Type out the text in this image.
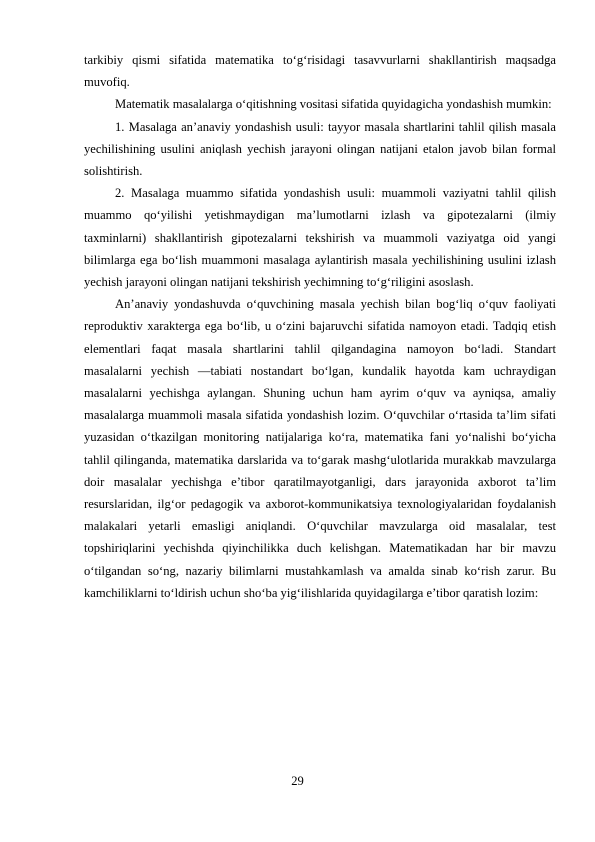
tarkibiy qismi sifatida matematika to‘g‘risidagi tasavvurlarni shakllantirish maqsadga muvofiq.

Matematik masalalarga o‘qitishning vositasi sifatida quyidagicha yondashish mumkin:

1. Masalaga an’anaviy yondashish usuli: tayyor masala shartlarini tahlil qilish masala yechilishining usulini aniqlash yechish jarayoni olingan natijani etalon javob bilan formal solishtirish.

2. Masalaga muammo sifatida yondashish usuli: muammoli vaziyatni tahlil qilish muammo qo‘yilishi yetishmaydigan ma’lumotlarni izlash va gipotezalarni (ilmiy taxminlarni) shakllantirish gipotezalarni tekshirish va muammoli vaziyatga oid yangi bilimlarga ega bo‘lish muammoni masalaga aylantirish masala yechilishining usulini izlash yechish jarayoni olingan natijani tekshirish yechimning to‘g‘riligini asoslash.

An’anaviy yondashuvda o‘quvchining masala yechish bilan bog‘liq o‘quv faoliyati reproduktiv xarakterga ega bo‘lib, u o‘zini bajaruvchi sifatida namoyon etadi. Tadqiq etish elementlari faqat masala shartlarini tahlil qilgandagina namoyon bo‘ladi. Standart masalalarni yechish —tabiati nostandart bo‘lgan, kundalik hayotda kam uchraydigan masalalarni yechishga aylangan. Shuning uchun ham ayrim o‘quv va ayniqsa, amaliy masalalarga muammoli masala sifatida yondashish lozim. O‘quvchilar o‘rtasida ta’lim sifati yuzasidan o‘tkazilgan monitoring natijalariga ko‘ra, matematika fani yo‘nalishi bo‘yicha tahlil qilinganda, matematika darslarida va to‘garak mashg‘ulotlarida murakkab mavzularga doir masalalar yechishga e’tibor qaratilmayotganligi, dars jarayonida axborot ta’lim resurslaridan, ilg‘or pedagogik va axborot-kommunikatsiya texnologiyalaridan foydalanish malakalari yetarli emasligi aniqlandi. O‘quvchilar mavzularga oid masalalar, test topshiriqlarini yechishda qiyinchilikka duch kelishgan. Matematikadan har bir mavzu o‘tilgandan so‘ng, nazariy bilimlarni mustahkamlash va amalda sinab ko‘rish zarur. Bu kamchiliklarni to‘ldirish uchun sho‘ba yig‘ilishlarida quyidagilarga e’tibor qaratish lozim:

29
